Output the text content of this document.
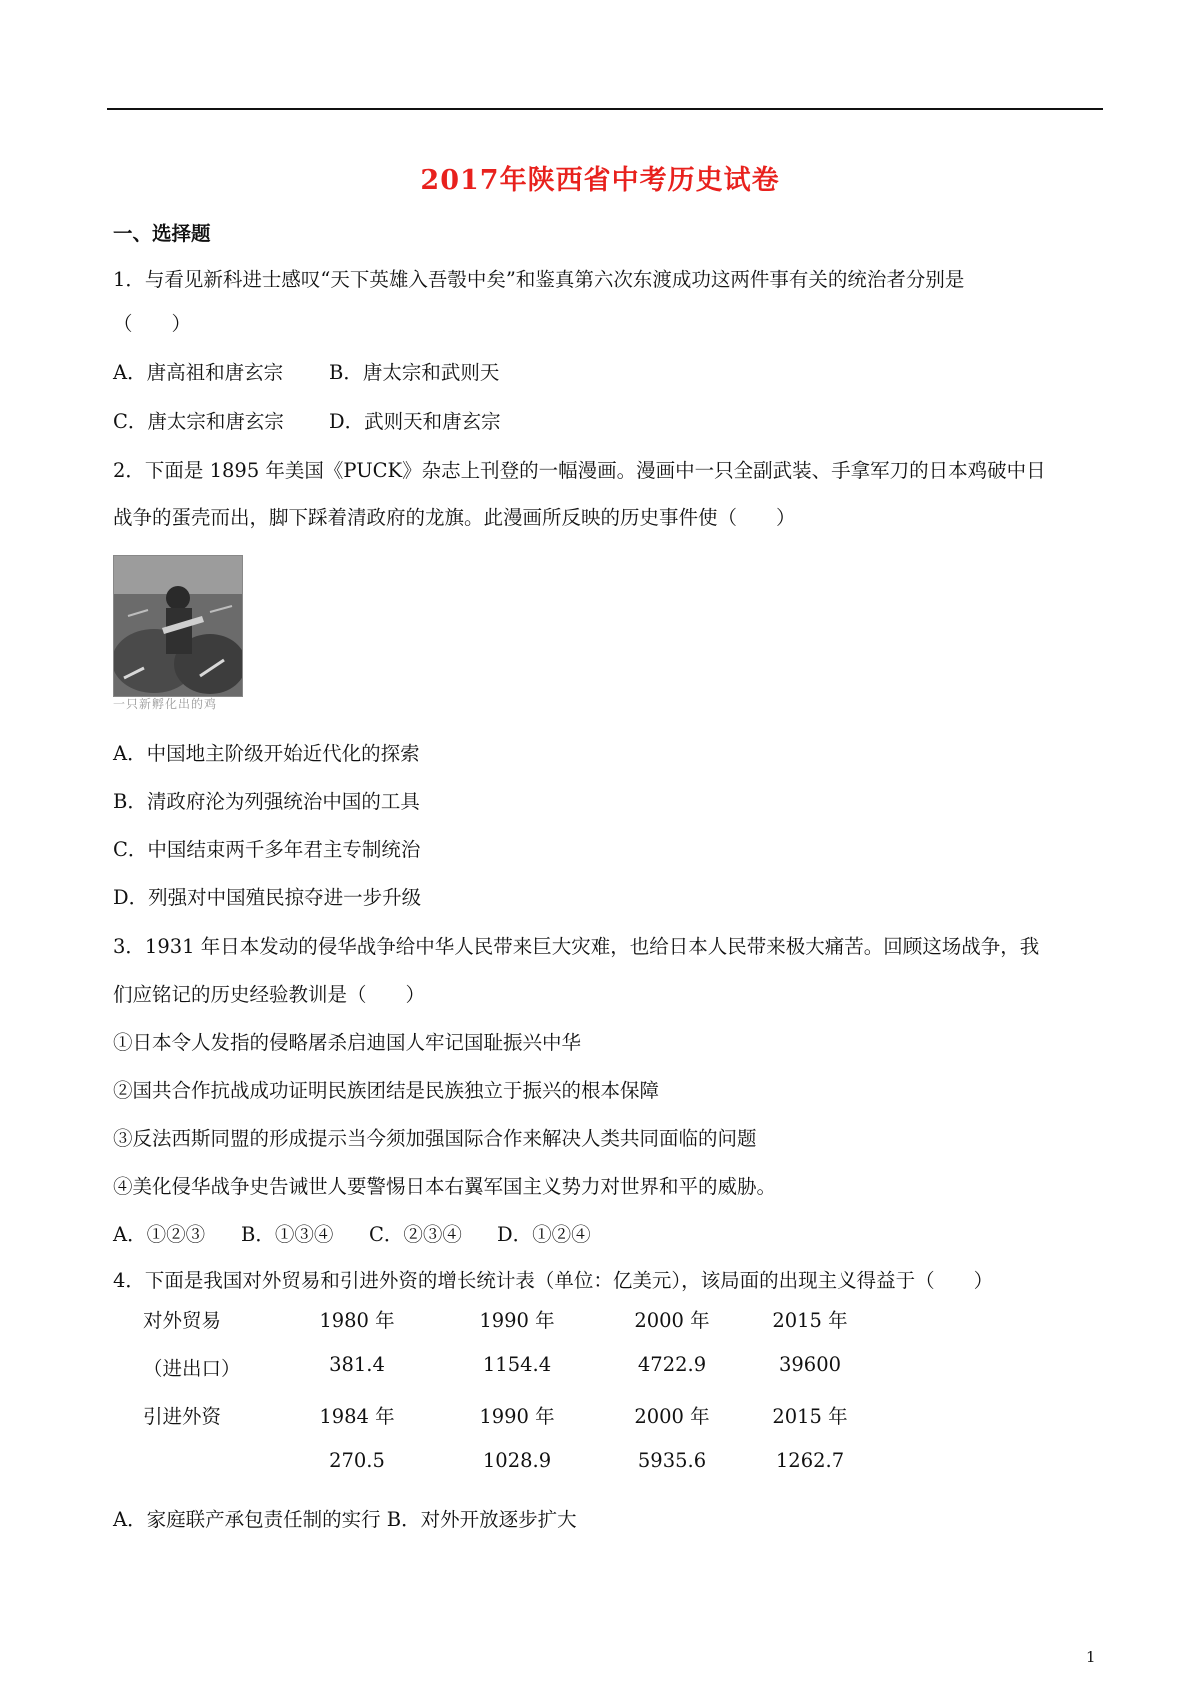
2017年陕西省中考历史试卷
一、选择题
1．与看见新科进士感叹“天下英雄入吾彀中矣”和鉴真第六次东渡成功这两件事有关的统治者分别是
（　　）
A．唐高祖和唐玄宗 B．唐太宗和武则天
C．唐太宗和唐玄宗 D．武则天和唐玄宗
2．下面是 1895 年美国《PUCK》杂志上刊登的一幅漫画。漫画中一只全副武装、手拿军刀的日本鸡破中日
战争的蛋壳而出，脚下踩着清政府的龙旗。此漫画所反映的历史事件使（　　）
一只新孵化出的鸡
A．中国地主阶级开始近代化的探索
B．清政府沦为列强统治中国的工具
C．中国结束两千多年君主专制统治
D．列强对中国殖民掠夺进一步升级
3．1931 年日本发动的侵华战争给中华人民带来巨大灾难，也给日本人民带来极大痛苦。回顾这场战争，我
们应铭记的历史经验教训是（　　）
①日本令人发指的侵略屠杀启迪国人牢记国耻振兴中华
②国共合作抗战成功证明民族团结是民族独立于振兴的根本保障
③反法西斯同盟的形成提示当今须加强国际合作来解决人类共同面临的问题
④美化侵华战争史告诫世人要警惕日本右翼军国主义势力对世界和平的威胁。
A．①②③ B．①③④ C．②③④ D．①②④
4．下面是我国对外贸易和引进外资的增长统计表（单位：亿美元），该局面的出现主义得益于（　　）
对外贸易	1980 年	1990 年	2000 年	2015 年
（进出口）	381.4	1154.4	4722.9	39600
引进外资	1984 年	1990 年	2000 年	2015 年
270.5	1028.9	5935.6	1262.7
A．家庭联产承包责任制的实行 B．对外开放逐步扩大
1
